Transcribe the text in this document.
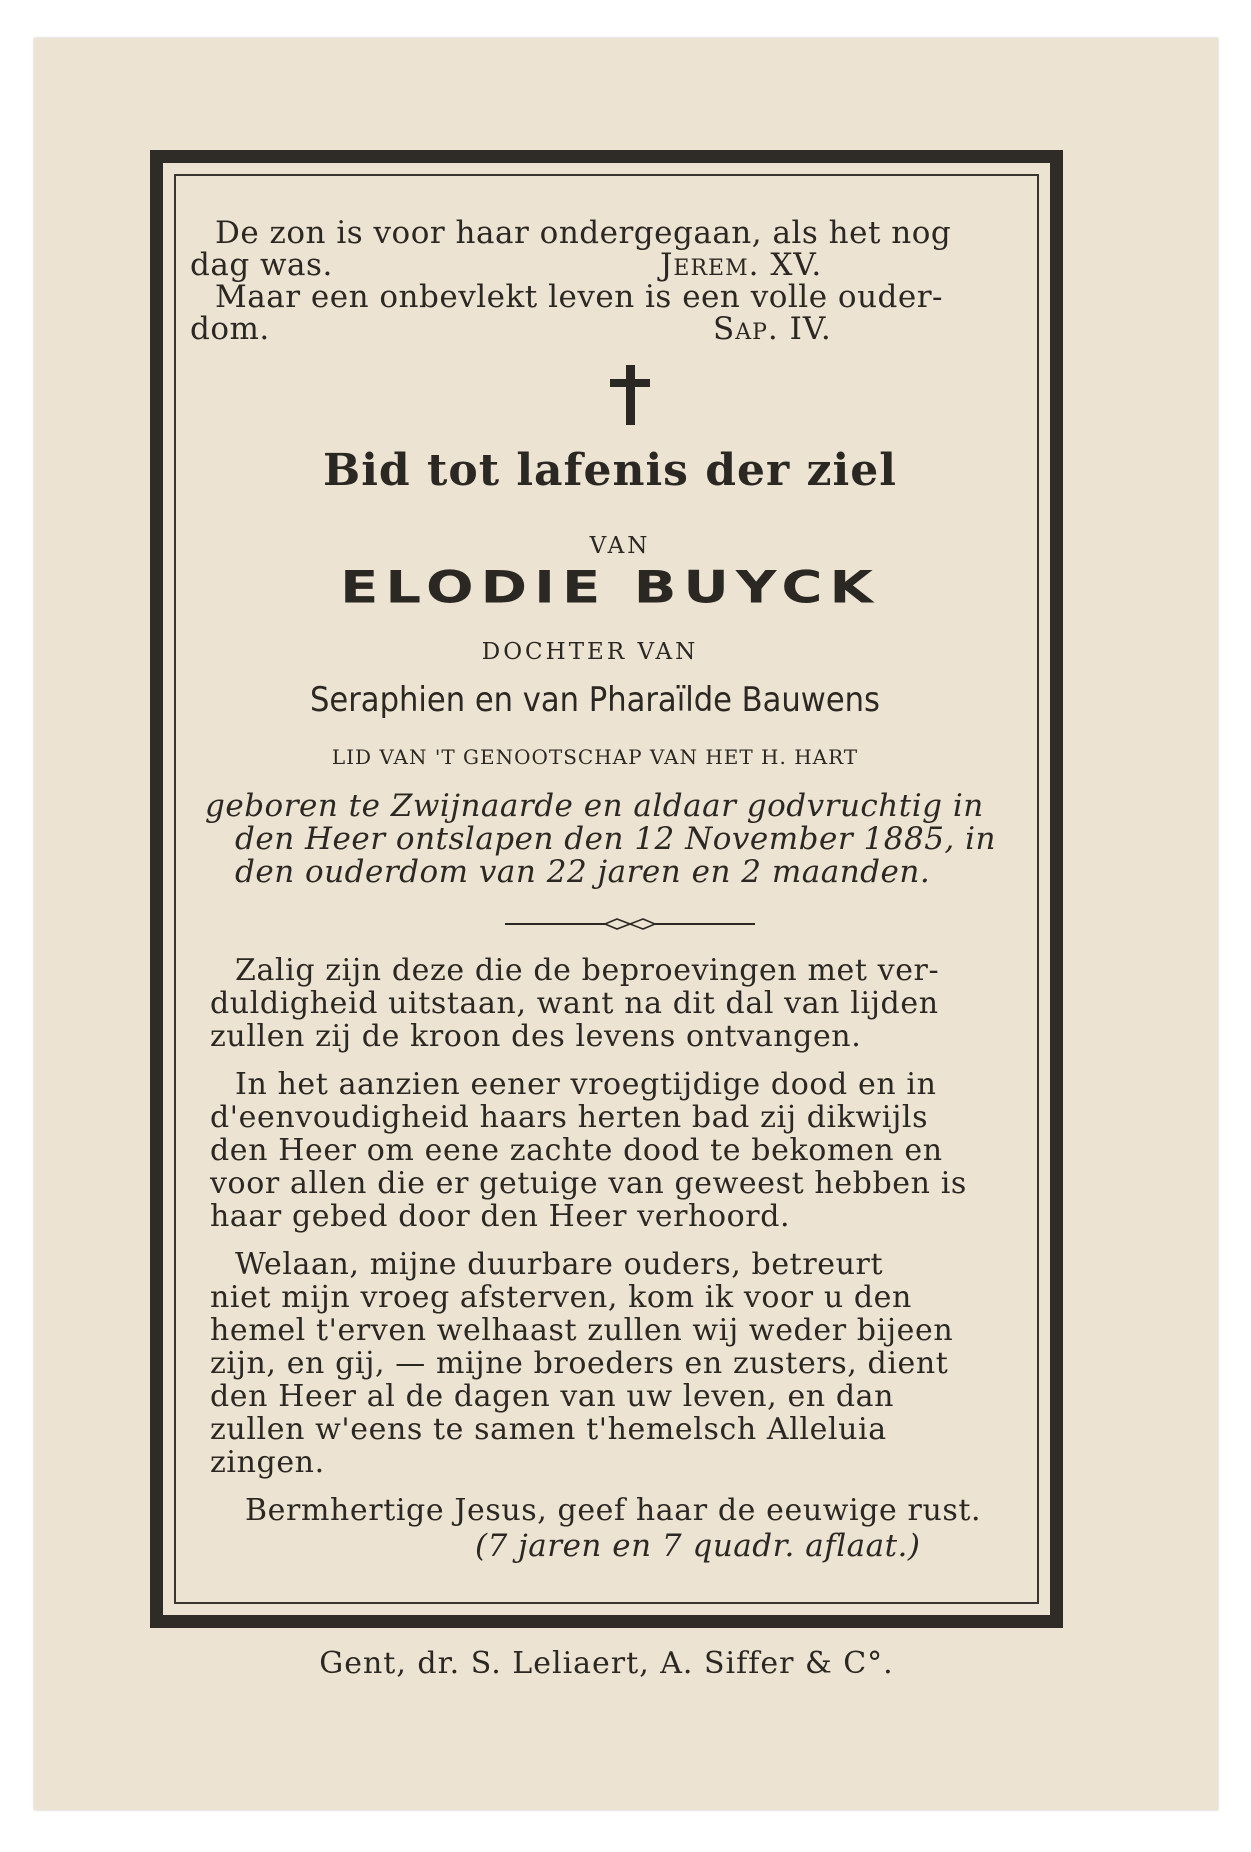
De zon is voor haar ondergegaan, als het nog
dag was.	Jerem. XV.
Maar een onbevlekt leven is een volle ouder-
dom.	Sap. IV.
Bid tot lafenis der ziel
VAN
ELODIE BUYCK
DOCHTER VAN
Seraphien en van Pharaïlde Bauwens
LID VAN 'T GENOOTSCHAP VAN HET H. HART
geboren te Zwijnaarde en aldaar godvruchtig in
den Heer ontslapen den 12 November 1885, in
den ouderdom van 22 jaren en 2 maanden.
Zalig zijn deze die de beproevingen met ver-
duldigheid uitstaan, want na dit dal van lijden
zullen zij de kroon des levens ontvangen.
In het aanzien eener vroegtijdige dood en in
d'eenvoudigheid haars herten bad zij dikwijls
den Heer om eene zachte dood te bekomen en
voor allen die er getuige van geweest hebben is
haar gebed door den Heer verhoord.
Welaan, mijne duurbare ouders, betreurt
niet mijn vroeg afsterven, kom ik voor u den
hemel t'erven welhaast zullen wij weder bijeen
zijn, en gij, — mijne broeders en zusters, dient
den Heer al de dagen van uw leven, en dan
zullen w'eens te samen t'hemelsch Alleluia
zingen.
Bermhertige Jesus, geef haar de eeuwige rust.
(7 jaren en 7 quadr. aflaat.)
Gent, dr. S. Leliaert, A. Siffer & C°.
